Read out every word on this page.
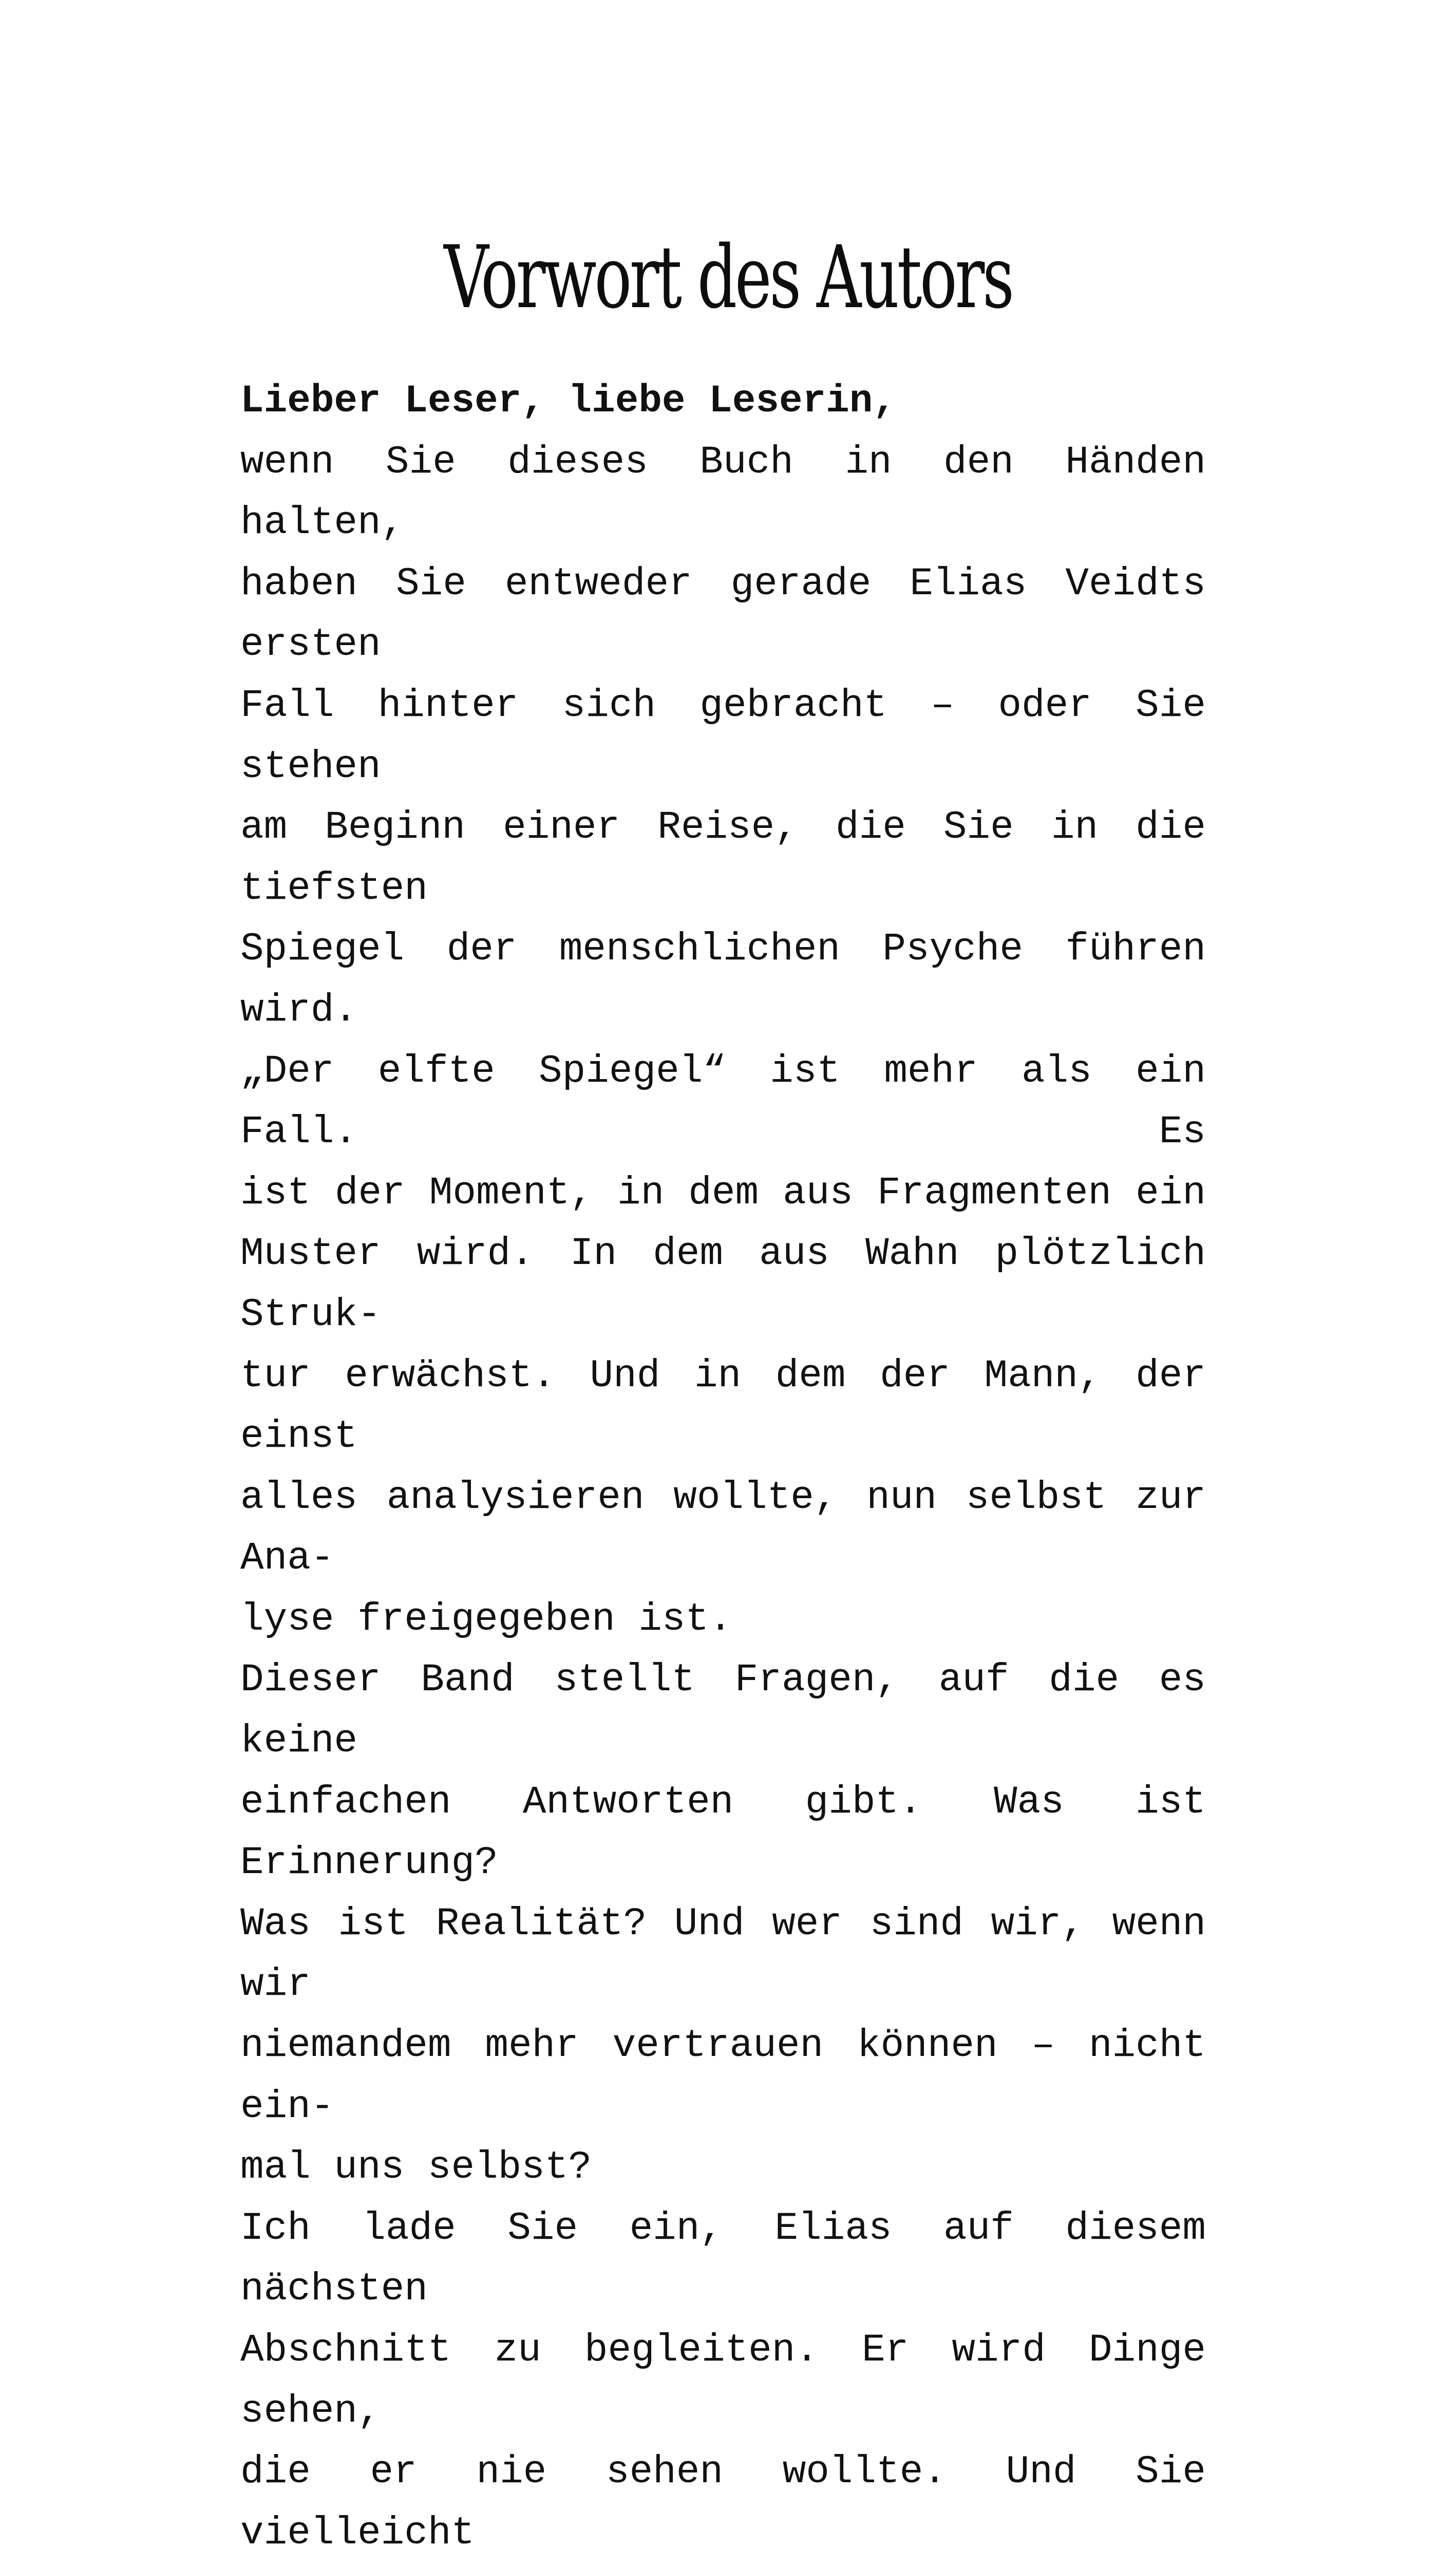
Vorwort des Autors
Lieber Leser, liebe Leserin,
wenn Sie dieses Buch in den Händen halten,
haben Sie entweder gerade Elias Veidts ersten
Fall hinter sich gebracht – oder Sie stehen
am Beginn einer Reise, die Sie in die tiefsten
Spiegel der menschlichen Psyche führen wird.
„Der elfte Spiegel“ ist mehr als ein Fall. Es
ist der Moment, in dem aus Fragmenten ein
Muster wird. In dem aus Wahn plötzlich Struk-
tur erwächst. Und in dem der Mann, der einst
alles analysieren wollte, nun selbst zur Ana-
lyse freigegeben ist.
Dieser Band stellt Fragen, auf die es keine
einfachen Antworten gibt. Was ist Erinnerung?
Was ist Realität? Und wer sind wir, wenn wir
niemandem mehr vertrauen können – nicht ein-
mal uns selbst?
Ich lade Sie ein, Elias auf diesem nächsten
Abschnitt zu begleiten. Er wird Dinge sehen,
die er nie sehen wollte. Und Sie vielleicht
